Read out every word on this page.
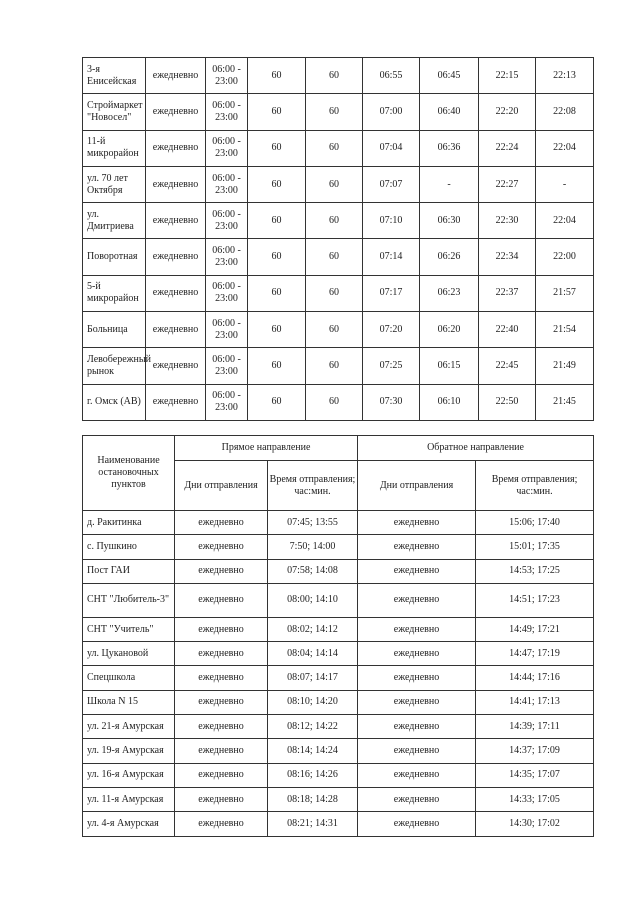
3-я Енисейская	ежедневно	06:00 - 23:00	60	60	06:55	06:45	22:15	22:13
Строймаркет "Новосел"	ежедневно	06:00 - 23:00	60	60	07:00	06:40	22:20	22:08
11-й микрорайон	ежедневно	06:00 - 23:00	60	60	07:04	06:36	22:24	22:04
ул. 70 лет Октября	ежедневно	06:00 - 23:00	60	60	07:07	-	22:27	-
ул. Дмитриева	ежедневно	06:00 - 23:00	60	60	07:10	06:30	22:30	22:04
Поворотная	ежедневно	06:00 - 23:00	60	60	07:14	06:26	22:34	22:00
5-й микрорайон	ежедневно	06:00 - 23:00	60	60	07:17	06:23	22:37	21:57
Больница	ежедневно	06:00 - 23:00	60	60	07:20	06:20	22:40	21:54
Левобережный рынок	ежедневно	06:00 - 23:00	60	60	07:25	06:15	22:45	21:49
г. Омск (АВ)	ежедневно	06:00 - 23:00	60	60	07:30	06:10	22:50	21:45
Наименование остановочных пунктов	Прямое направление		Обратное направление	
	Дни отправления	Время отправления; час:мин.	Дни отправления	Время отправления; час:мин.
д. Ракитинка	ежедневно	07:45; 13:55	ежедневно	15:06; 17:40
с. Пушкино	ежедневно	7:50; 14:00	ежедневно	15:01; 17:35
Пост ГАИ	ежедневно	07:58; 14:08	ежедневно	14:53; 17:25
СНТ "Любитель-3"	ежедневно	08:00; 14:10	ежедневно	14:51; 17:23
СНТ "Учитель"	ежедневно	08:02; 14:12	ежедневно	14:49; 17:21
ул. Цукановой	ежедневно	08:04; 14:14	ежедневно	14:47; 17:19
Спецшкола	ежедневно	08:07; 14:17	ежедневно	14:44; 17:16
Школа N 15	ежедневно	08:10; 14:20	ежедневно	14:41; 17:13
ул. 21-я Амурская	ежедневно	08:12; 14:22	ежедневно	14:39; 17:11
ул. 19-я Амурская	ежедневно	08:14; 14:24	ежедневно	14:37; 17:09
ул. 16-я Амурская	ежедневно	08:16; 14:26	ежедневно	14:35; 17:07
ул. 11-я Амурская	ежедневно	08:18; 14:28	ежедневно	14:33; 17:05
ул. 4-я Амурская	ежедневно	08:21; 14:31	ежедневно	14:30; 17:02
